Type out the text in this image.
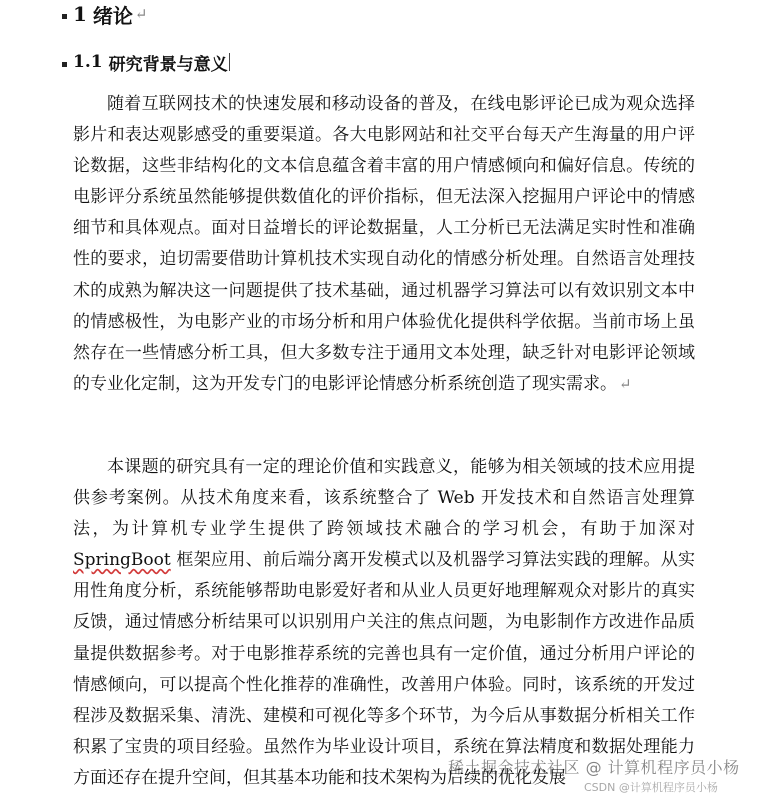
1 绪论 ↵
1.1 研究背景与意义

随着互联网技术的快速发展和移动设备的普及，在线电影评论已成为观众选择影片和表达观影感受的重要渠道。各大电影网站和社交平台每天产生海量的用户评论数据，这些非结构化的文本信息蕴含着丰富的用户情感倾向和偏好信息。传统的电影评分系统虽然能够提供数值化的评价指标，但无法深入挖掘用户评论中的情感细节和具体观点。面对日益增长的评论数据量，人工分析已无法满足实时性和准确性的要求，迫切需要借助计算机技术实现自动化的情感分析处理。自然语言处理技术的成熟为解决这一问题提供了技术基础，通过机器学习算法可以有效识别文本中的情感极性，为电影产业的市场分析和用户体验优化提供科学依据。当前市场上虽然存在一些情感分析工具，但大多数专注于通用文本处理，缺乏针对电影评论领域的专业化定制，这为开发专门的电影评论情感分析系统创造了现实需求。 ↵

本课题的研究具有一定的理论价值和实践意义，能够为相关领域的技术应用提供参考案例。从技术角度来看，该系统整合了 Web 开发技术和自然语言处理算法，为计算机专业学生提供了跨领域技术融合的学习机会，有助于加深对SpringBoot 框架应用、前后端分离开发模式以及机器学习算法实践的理解。从实用性角度分析，系统能够帮助电影爱好者和从业人员更好地理解观众对影片的真实反馈，通过情感分析结果可以识别用户关注的焦点问题，为电影制作方改进作品质量提供数据参考。对于电影推荐系统的完善也具有一定价值，通过分析用户评论的情感倾向，可以提高个性化推荐的准确性，改善用户体验。同时，该系统的开发过程涉及数据采集、清洗、建模和可视化等多个环节，为今后从事数据分析相关工作积累了宝贵的项目经验。虽然作为毕业设计项目，系统在算法精度和数据处理能力方面还存在提升空间，但其基本功能和技术架构为后续的优化发展

稀土掘金技术社区 @ 计算机程序员小杨
CSDN @计算机程序员小杨
